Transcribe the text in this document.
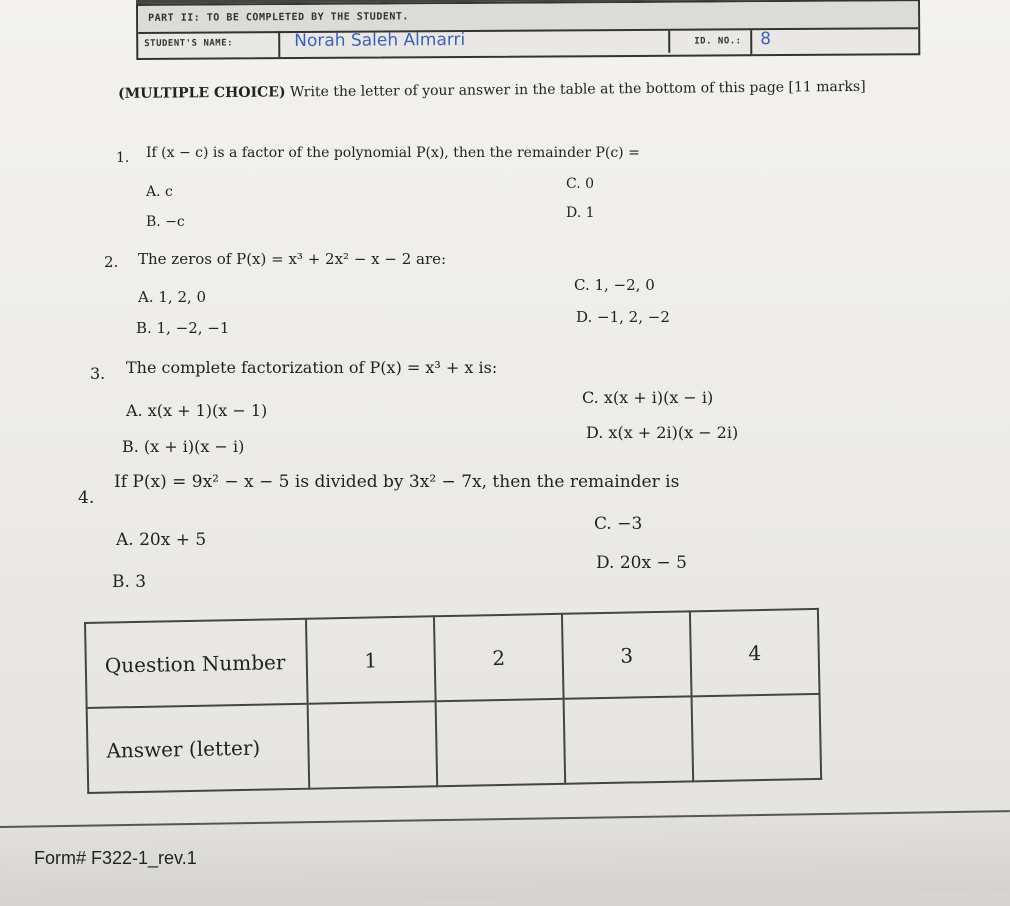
PART II: TO BE COMPLETED BY THE STUDENT.
STUDENT'S NAME:	Norah Saleh Almarri	ID. NO.: 8
(MULTIPLE CHOICE) Write the letter of your answer in the table at the bottom of this page [11 marks]
1. If (x − c) is a factor of the polynomial P(x), then the remainder P(c) =
A. c
B. −c
C. 0
D. 1
2. The zeros of P(x) = x³ + 2x² − x − 2 are:
A. 1, 2, 0
B. 1, −2, −1
C. 1, −2, 0
D. −1, 2, −2
3. The complete factorization of P(x) = x³ + x is:
A. x(x + 1)(x − 1)
B. (x + i)(x − i)
C. x(x + i)(x − i)
D. x(x + 2i)(x − 2i)
4.
If P(x) = 9x² − x − 5 is divided by 3x² − 7x, then the remainder is
A. 20x + 5
B. 3
C. −3
D. 20x − 5
Question Number	1	2	3	4
Answer (letter)				
Form# F322-1_rev.1
